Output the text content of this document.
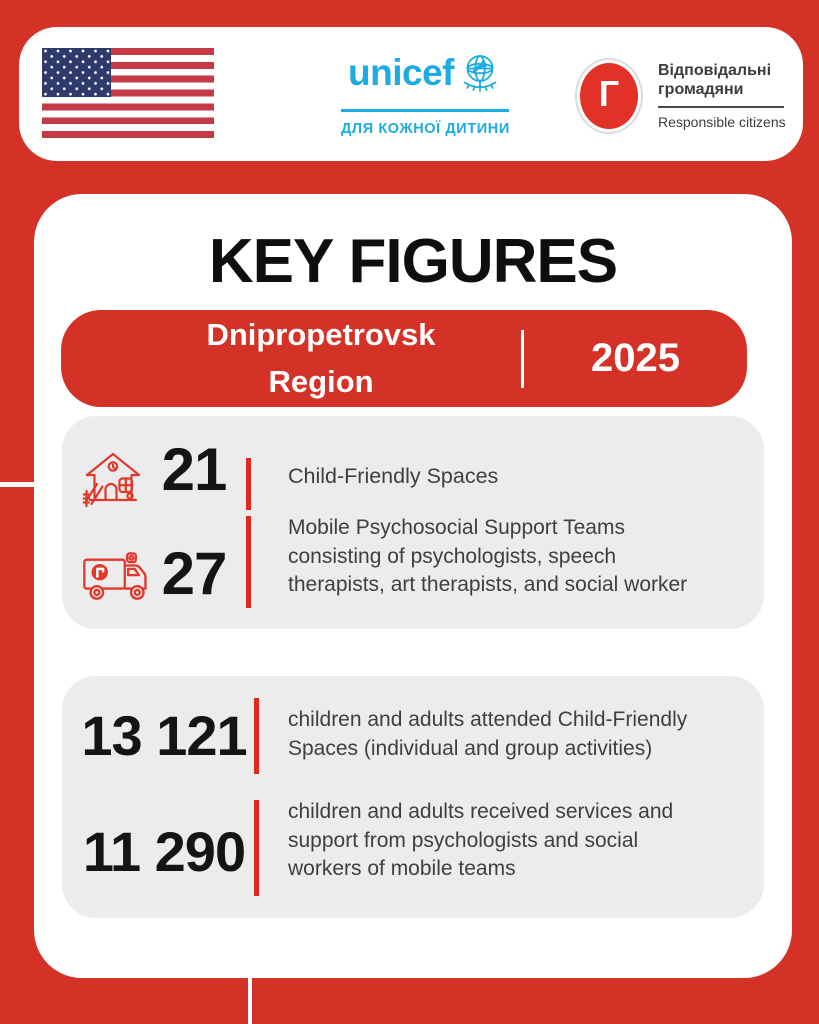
unicef
ДЛЯ КОЖНОЇ ДИТИНИ
Г
Відповідальні
громадяни
Responsible citizens
KEY FIGURES
Dnipropetrovsk
Region
2025
21	Child-Friendly Spaces
27
Mobile Psychosocial Support Teams
consisting of psychologists, speech
therapists, art therapists, and social worker
13 121	children and adults attended Child-Friendly
Spaces (individual and group activities)
11 290
children and adults received services and
support from psychologists and social
workers of mobile teams
